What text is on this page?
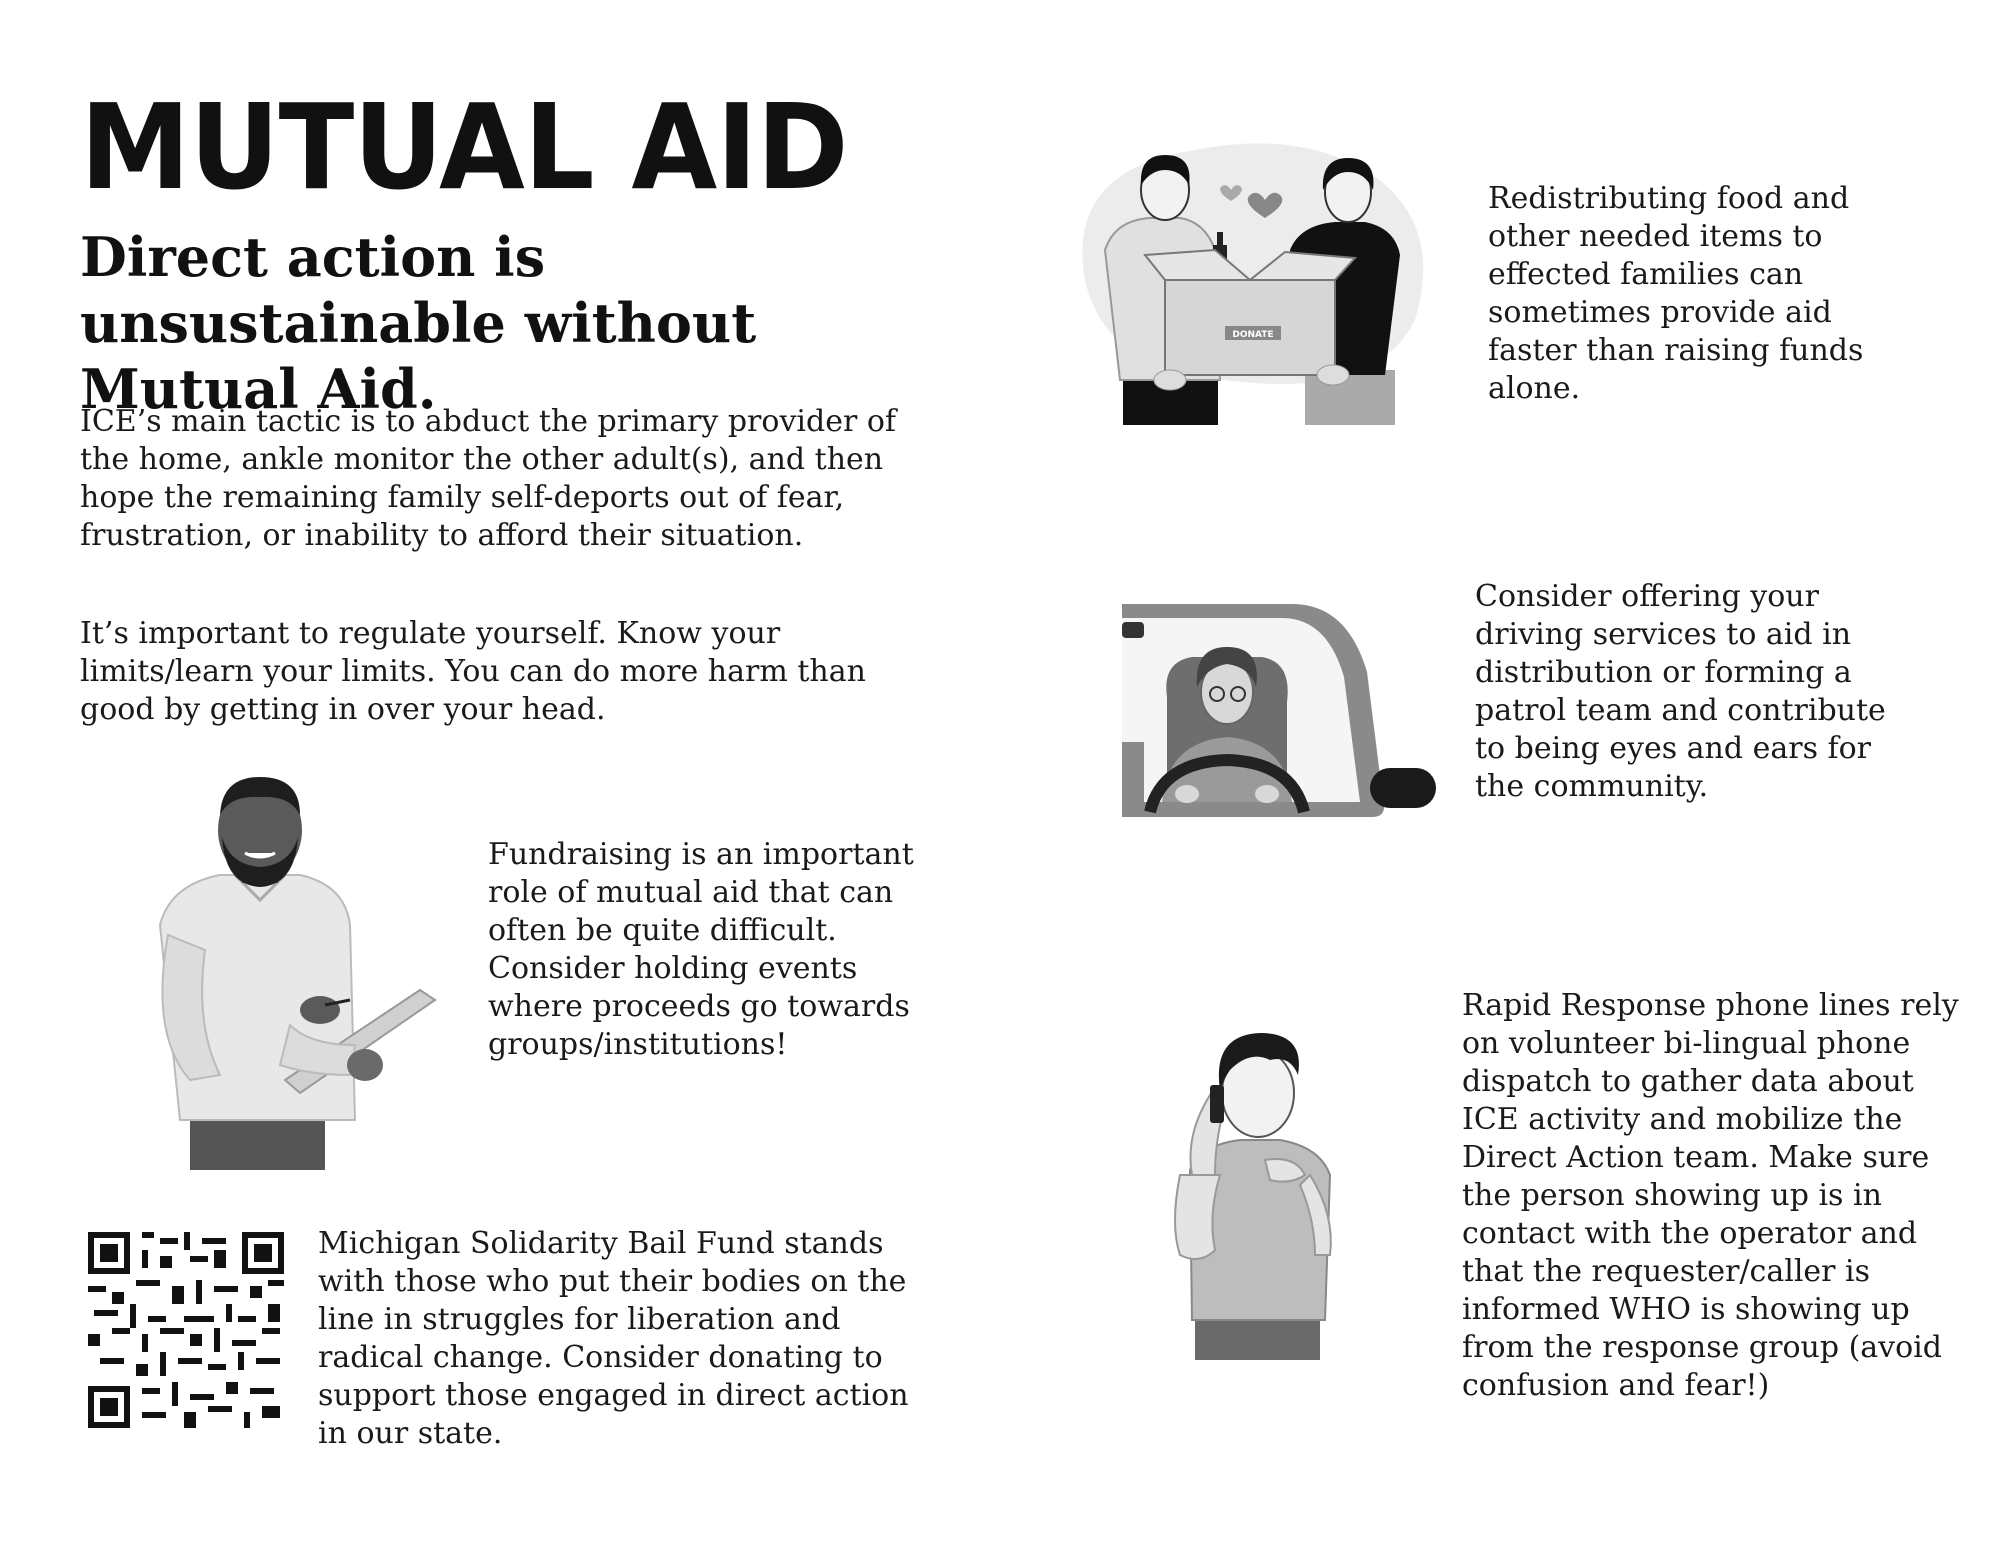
MUTUAL AID
Direct action is unsustainable without Mutual Aid.

ICE’s main tactic is to abduct the primary provider of the home, ankle monitor the other adult(s), and then hope the remaining family self-deports out of fear, frustration, or inability to afford their situation.

It’s important to regulate yourself. Know your limits/learn your limits. You can do more harm than good by getting in over your head.

Fundraising is an important role of mutual aid that can often be quite difficult. Consider holding events where proceeds go towards groups/institutions!

Michigan Solidarity Bail Fund stands with those who put their bodies on the line in struggles for liberation and radical change. Consider donating to support those engaged in direct action in our state.

DONATE

Redistributing food and other needed items to effected families can sometimes provide aid faster than raising funds alone.

Consider offering your driving services to aid in distribution or forming a patrol team and contribute to being eyes and ears for the community.

Rapid Response phone lines rely on volunteer bi-lingual phone dispatch to gather data about ICE activity and mobilize the Direct Action team. Make sure the person showing up is in contact with the operator and that the requester/caller is informed WHO is showing up from the response group (avoid confusion and fear!)
